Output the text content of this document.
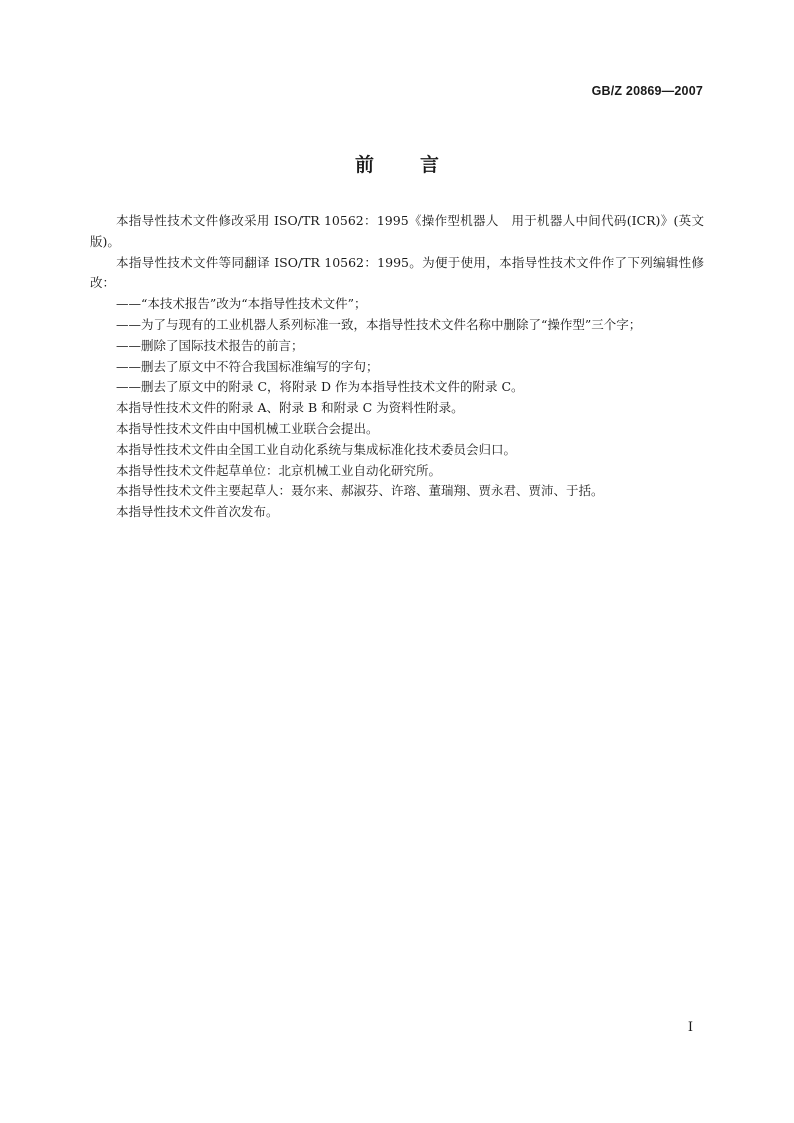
GB/Z 20869—2007
前言

本指导性技术文件修改采用 ISO/TR 10562：1995《操作型机器人　用于机器人中间代码(ICR)》(英文版)。

本指导性技术文件等同翻译 ISO/TR 10562：1995。为便于使用，本指导性技术文件作了下列编辑性修改：

——“本技术报告”改为“本指导性技术文件”；

——为了与现有的工业机器人系列标准一致，本指导性技术文件名称中删除了“操作型”三个字；

——删除了国际技术报告的前言；

——删去了原文中不符合我国标准编写的字句；

——删去了原文中的附录 C，将附录 D 作为本指导性技术文件的附录 C。

本指导性技术文件的附录 A、附录 B 和附录 C 为资料性附录。

本指导性技术文件由中国机械工业联合会提出。

本指导性技术文件由全国工业自动化系统与集成标准化技术委员会归口。

本指导性技术文件起草单位：北京机械工业自动化研究所。

本指导性技术文件主要起草人：聂尔来、郝淑芬、许瑢、董瑞翔、贾永君、贾沛、于括。

本指导性技术文件首次发布。

I
